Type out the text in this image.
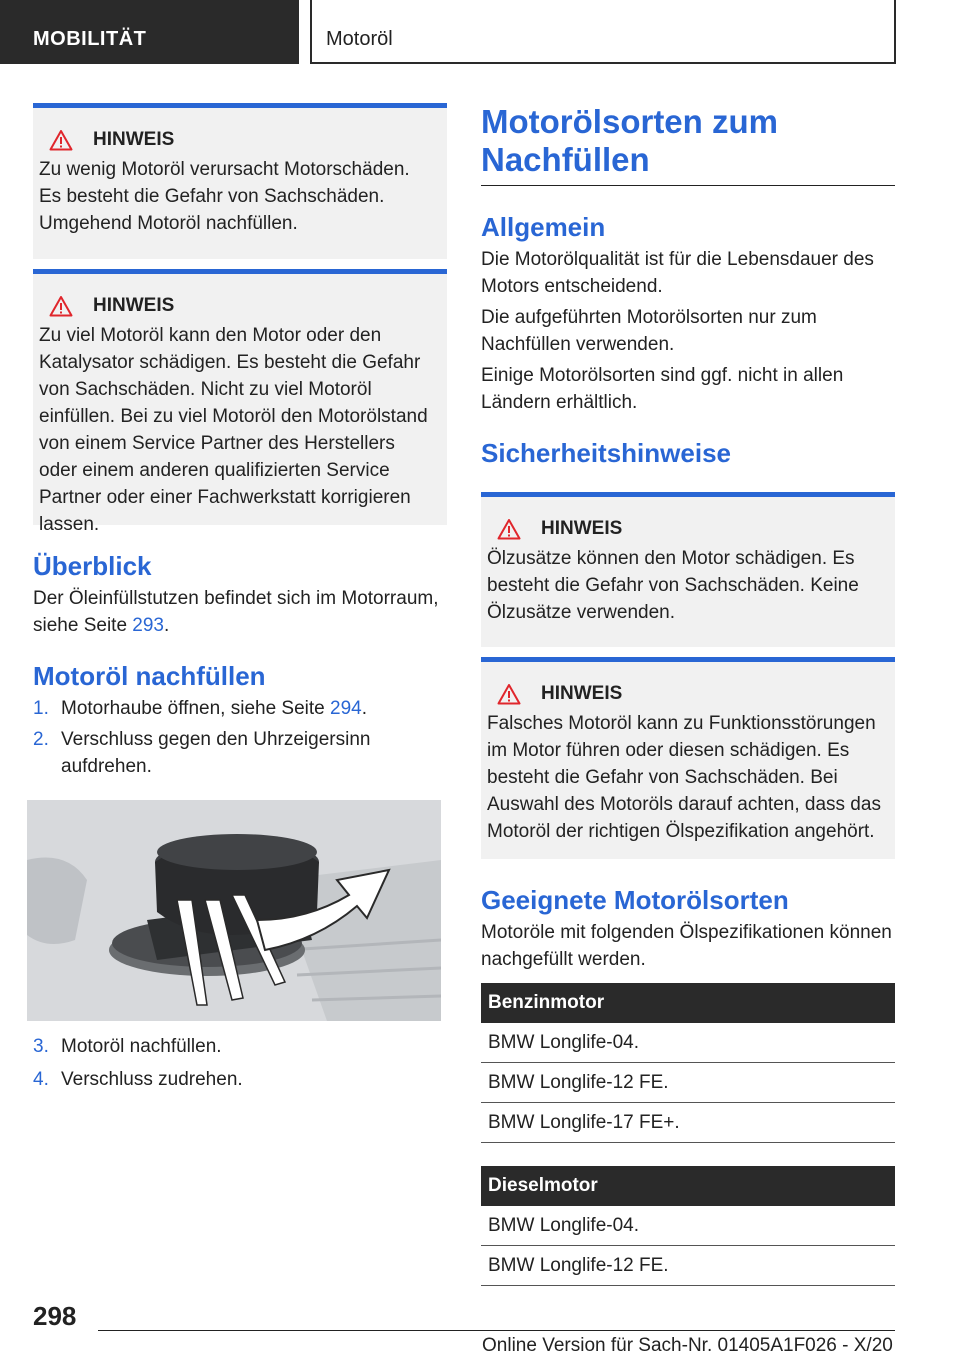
MOBILITÄT	Motoröl
HINWEIS

Zu wenig Motoröl verursacht Motorschäden. Es besteht die Gefahr von Sachschäden. Umgehend Motoröl nachfüllen.

HINWEIS

Zu viel Motoröl kann den Motor oder den Katalysator schädigen. Es besteht die Gefahr von Sachschäden. Nicht zu viel Motoröl einfüllen. Bei zu viel Motoröl den Motorölstand von einem Service Partner des Herstellers oder einem anderen qualifizierten Service Partner oder einer Fachwerkstatt korrigieren lassen.

Überblick

Der Öleinfüllstutzen befindet sich im Motorraum, siehe Seite 293.

Motoröl nachfüllen
1. Motorhaube öffnen, siehe Seite 294.
2. Verschluss gegen den Uhrzeigersinn aufdrehen.
3. Motoröl nachfüllen.
4. Verschluss zudrehen.
Motorölsorten zum Nachfüllen
Allgemein

Die Motorölqualität ist für die Lebensdauer des Motors entscheidend.

Die aufgeführten Motorölsorten nur zum Nachfüllen verwenden.

Einige Motorölsorten sind ggf. nicht in allen Ländern erhältlich.

Sicherheitshinweise
HINWEIS

Ölzusätze können den Motor schädigen. Es besteht die Gefahr von Sachschäden. Keine Ölzusätze verwenden.

HINWEIS

Falsches Motoröl kann zu Funktionsstörungen im Motor führen oder diesen schädigen. Es besteht die Gefahr von Sachschäden. Bei Auswahl des Motoröls darauf achten, dass das Motoröl der richtigen Ölspezifikation angehört.

Geeignete Motorölsorten

Motoröle mit folgenden Ölspezifikationen können nachgefüllt werden.

Benzinmotor
BMW Longlife-04.
BMW Longlife-12 FE.
BMW Longlife-17 FE+.
Dieselmotor
BMW Longlife-04.
BMW Longlife-12 FE.
298
Online Version für Sach-Nr. 01405A1F026 - X/20
